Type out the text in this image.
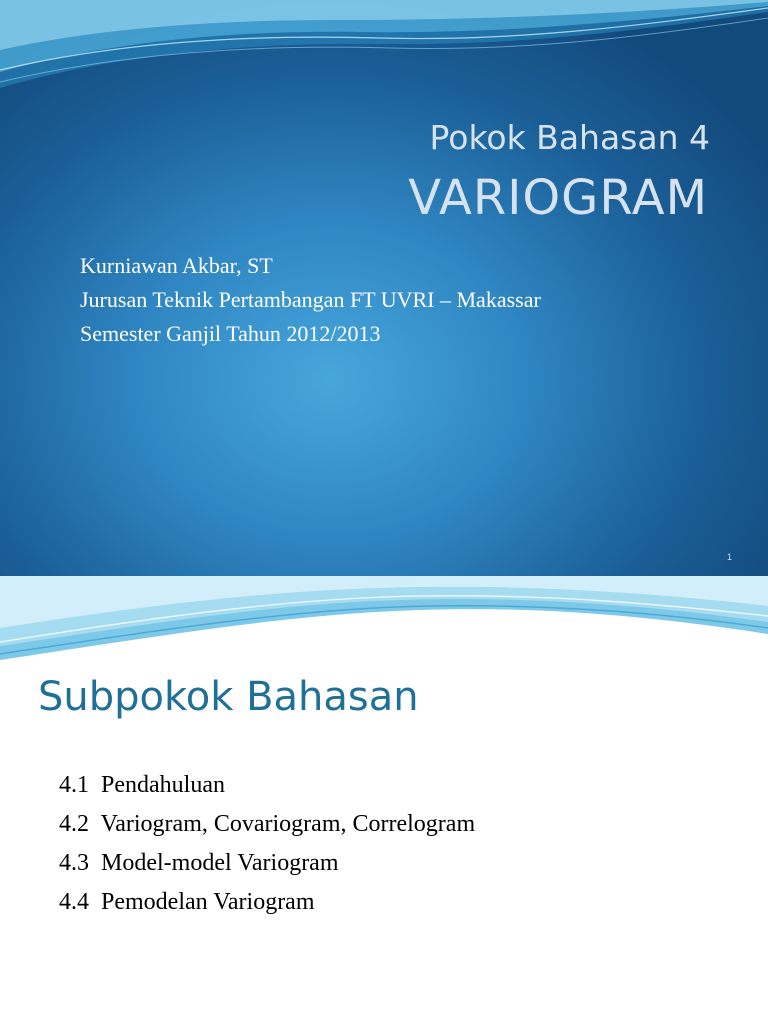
Pokok Bahasan 4
VARIOGRAM
Kurniawan Akbar, ST
Jurusan Teknik Pertambangan FT UVRI – Makassar
Semester Ganjil Tahun 2012/2013
1
Subpokok Bahasan
4.1  Pendahuluan
4.2  Variogram, Covariogram, Correlogram
4.3  Model-model Variogram
4.4  Pemodelan Variogram
